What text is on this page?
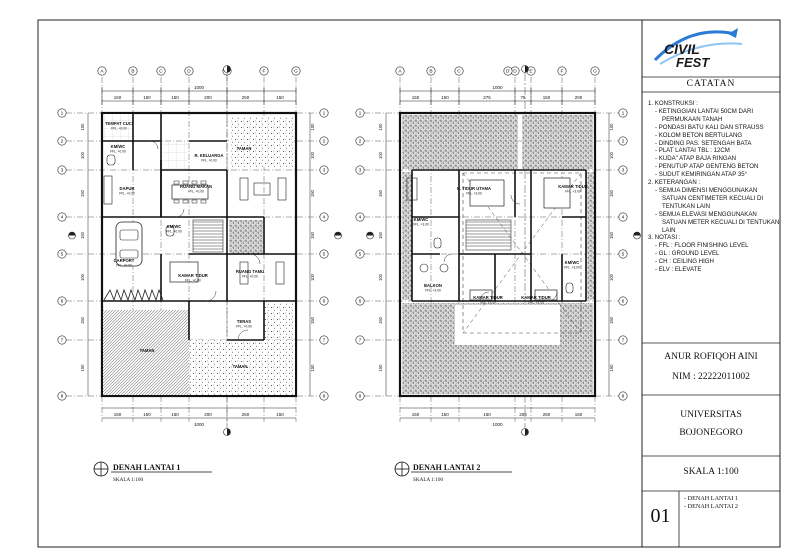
1000
1000
150
150
150
150
150
150
200
200
250
250
150
150
A	B	C	D	F	G
1	1
2	2
3	3
4	4
5	5
6	6
7	7
8	8
100	100
100	100
150	150
150	150
100	100
150	150
150	150
TEMPAT CUCI
FFL. +0.00
KM/WC
FFL. +0.00
R. KELUARGA
FFL. +0.00
TAMAN
DAPUR
FFL. +0.00
RUANG MAKAN
FFL. +0.00
KM/WC
FFL. +0.00
CARPORT
FFL. +0.00
KAMAR TIDUR
FFL. +0.00
RUANG TAMU
FFL. +0.00
TERAS
FFL. +0.00
TAMAN
TAMAN
DENAH LANTAI 1
SKALA 1:100
1000
1000
150
150
150
150
275
150
75
200
150
250
200
150
A	B	C	D	E	F	G
1	1
2	2
3	3
4	4
5	5
6	6
7	7
8	8
100	100
100	100
150	150
150	150
100	100
150	150
150	150
D'
K. TIDUR UTAMA
FFL. +3.00
KAMAR TIDUR
FFL. +3.00
KM/WC
FFL. +3.00
KM/WC
FFL. +3.00
BALKON
FFL. +3.00
KAMAR TIDUR
FFL. +3.00
KAMAR TIDUR
FFL. +3.00
DENAH LANTAI 2
SKALA 1:100
CIVIL
FEST
CATATAN
1. KONSTRUKSI :
- KETINGGIAN LANTAI 50CM DARI
PERMUKAAN TANAH
- PONDASI BATU KALI DAN STRAUSS
- KOLOM BETON BERTULANG
- DINDING PAS. SETENGAH BATA
- PLAT LANTAI TBL : 12CM
- KUDA" ATAP BAJA RINGAN
- PENUTUP ATAP GENTENG BETON
- SUDUT KEMIRINGAN ATAP 35°
2. KETERANGAN :
- SEMUA DIMENSI MENGGUNAKAN
SATUAN CENTIMETER KECUALI DI
TENTUKAN LAIN
- SEMUA ELEVASI MENGGUNAKAN
SATUAN METER KECUALI DI TENTUKAN
LAIN
3. NOTASI :
- FFL : FLOOR FINISHING LEVEL
- GL : GROUND LEVEL
- CH : CEILING HIGH
- ELV : ELEVATE
ANUR ROFIQOH AINI
NIM : 22222011002
UNIVERSITAS
BOJONEGORO
SKALA 1:100
01
- DENAH LANTAI 1
- DENAH LANTAI 2
